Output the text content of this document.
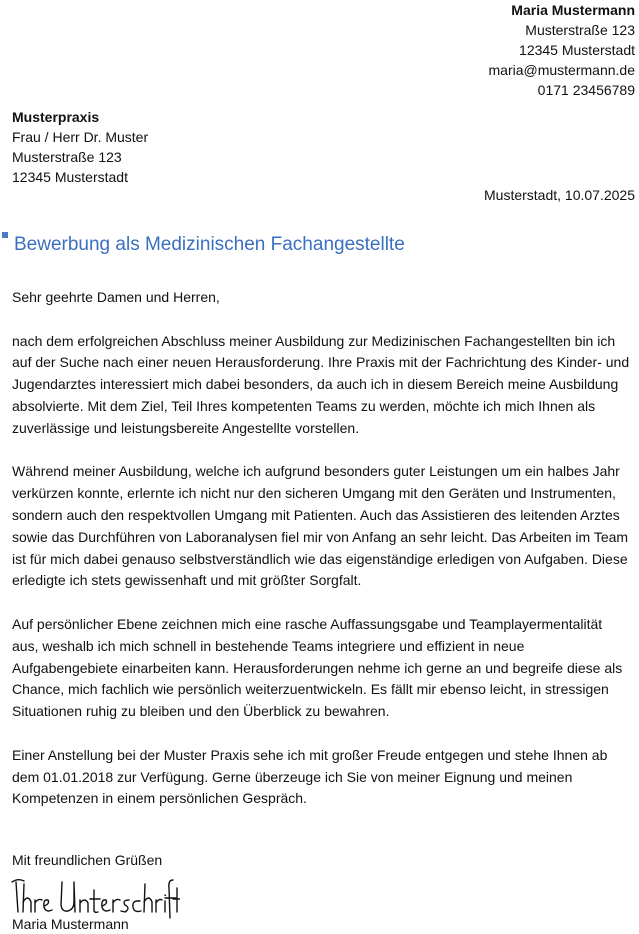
Maria Mustermann
Musterstraße 123
12345 Musterstadt
maria@mustermann.de
0171 23456789
Musterpraxis
Frau / Herr Dr. Muster
Musterstraße 123
12345 Musterstadt
Musterstadt, 10.07.2025
Bewerbung als Medizinischen Fachangestellte

Sehr geehrte Damen und Herren,

nach dem erfolgreichen Abschluss meiner Ausbildung zur Medizinischen Fachangestellten bin ich auf der Suche nach einer neuen Herausforderung. Ihre Praxis mit der Fachrichtung des Kinder- und Jugendarztes interessiert mich dabei besonders, da auch ich in diesem Bereich meine Ausbildung absolvierte. Mit dem Ziel, Teil Ihres kompetenten Teams zu werden, möchte ich mich Ihnen als zuverlässige und leistungsbereite Angestellte vorstellen.

Während meiner Ausbildung, welche ich aufgrund besonders guter Leistungen um ein halbes Jahr verkürzen konnte, erlernte ich nicht nur den sicheren Umgang mit den Geräten und Instrumenten, sondern auch den respektvollen Umgang mit Patienten. Auch das Assistieren des leitenden Arztes sowie das Durchführen von Laboranalysen fiel mir von Anfang an sehr leicht. Das Arbeiten im Team ist für mich dabei genauso selbstverständlich wie das eigenständige erledigen von Aufgaben. Diese erledigte ich stets gewissenhaft und mit größter Sorgfalt.

Auf persönlicher Ebene zeichnen mich eine rasche Auffassungsgabe und Teamplayermentalität aus, weshalb ich mich schnell in bestehende Teams integriere und effizient in neue Aufgabengebiete einarbeiten kann. Herausforderungen nehme ich gerne an und begreife diese als Chance, mich fachlich wie persönlich weiterzuentwickeln. Es fällt mir ebenso leicht, in stressigen Situationen ruhig zu bleiben und den Überblick zu bewahren.

Einer Anstellung bei der Muster Praxis sehe ich mit großer Freude entgegen und stehe Ihnen ab dem 01.01.2018 zur Verfügung. Gerne überzeuge ich Sie von meiner Eignung und meinen Kompetenzen in einem persönlichen Gespräch.

Mit freundlichen Grüßen
Maria Mustermann
